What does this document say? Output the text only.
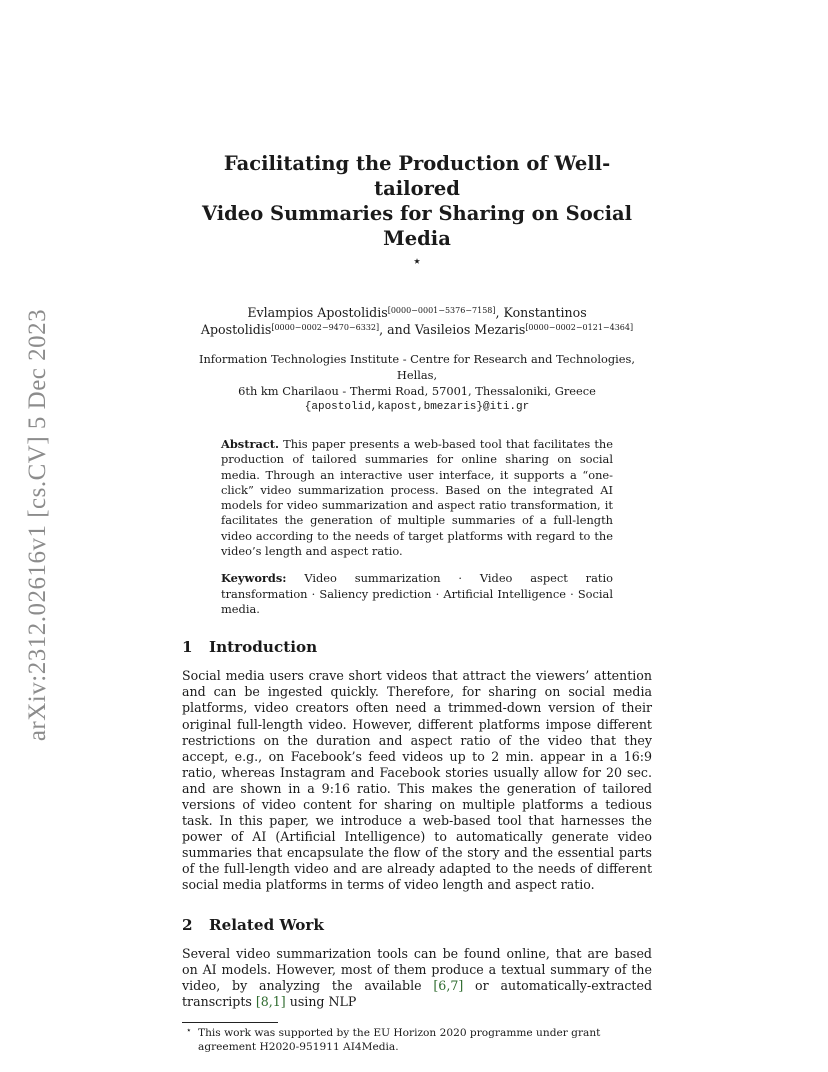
arXiv:2312.02616v1 [cs.CV] 5 Dec 2023
Facilitating the Production of Well-tailored
Video Summaries for Sharing on Social Media
⋆
Evlampios Apostolidis[0000−0001−5376−7158], Konstantinos
Apostolidis[0000−0002−9470−6332], and Vasileios Mezaris[0000−0002−0121−4364]
Information Technologies Institute - Centre for Research and Technologies, Hellas,
6th km Charilaou - Thermi Road, 57001, Thessaloniki, Greece
{apostolid,kapost,bmezaris}@iti.gr
Abstract. This paper presents a web-based tool that facilitates the production of tailored summaries for online sharing on social media. Through an interactive user interface, it supports a “one-click” video summarization process. Based on the integrated AI models for video summarization and aspect ratio transformation, it facilitates the generation of multiple summaries of a full-length video according to the needs of target platforms with regard to the video’s length and aspect ratio.
Keywords: Video summarization · Video aspect ratio transformation · Saliency prediction · Artificial Intelligence · Social media.
1 Introduction
Social media users crave short videos that attract the viewers’ attention and can be ingested quickly. Therefore, for sharing on social media platforms, video creators often need a trimmed-down version of their original full-length video. However, different platforms impose different restrictions on the duration and aspect ratio of the video that they accept, e.g., on Facebook’s feed videos up to 2 min. appear in a 16:9 ratio, whereas Instagram and Facebook stories usually allow for 20 sec. and are shown in a 9:16 ratio. This makes the generation of tailored versions of video content for sharing on multiple platforms a tedious task. In this paper, we introduce a web-based tool that harnesses the power of AI (Artificial Intelligence) to automatically generate video summaries that encapsulate the flow of the story and the essential parts of the full-length video and are already adapted to the needs of different social media platforms in terms of video length and aspect ratio.
2 Related Work
Several video summarization tools can be found online, that are based on AI models. However, most of them produce a textual summary of the video, by analyzing the available [6,7] or automatically-extracted transcripts [8,1] using NLP
⋆ This work was supported by the EU Horizon 2020 programme under grant agreement H2020-951911 AI4Media.
